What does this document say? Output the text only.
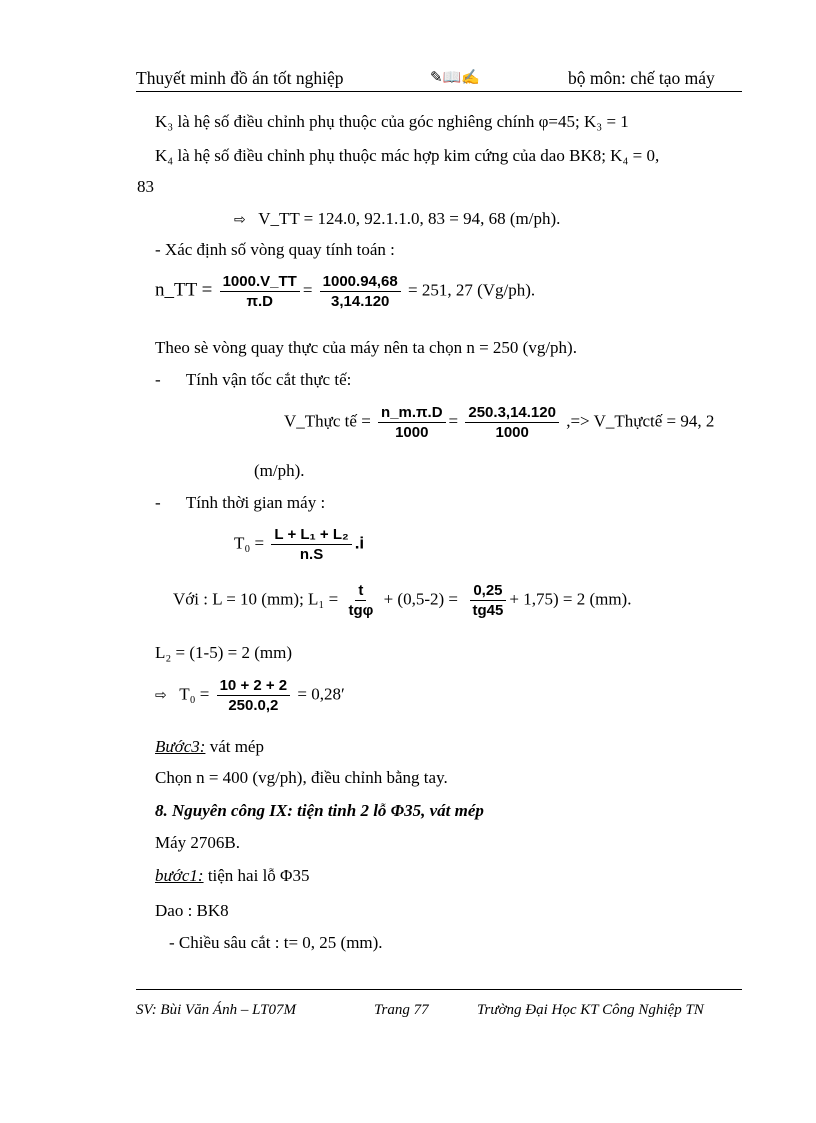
Thuyết minh đồ án tốt nghiệp	✎📖✍	bộ môn: chế tạo máy
K₃ là hệ số điều chỉnh phụ thuộc của góc nghiêng chính φ=45; K₃ = 1
K₄ là hệ số điều chỉnh phụ thuộc mác hợp kim cứng của dao BK8; K₄ = 0,
83
⇨ V_TT = 124.0, 92.1.1.0, 83 = 94, 68 (m/ph).
- Xác định số vòng quay tính toán :
n_TT = $\frac{1000.V\_TT}{\pi.D} = \frac{1000.94,68}{3,14.120} = 251$, 27 (Vg/ph).
Theo sè vòng quay thực của máy nên ta chọn n = 250 (vg/ph).
- Tính vận tốc cắt thực tế:
V_Thực tế = $\frac{n\_m.\pi.D}{1000} = \frac{250.3,14.120}{1000}$ ,=> V_Thựctế = 94, 2
(m/ph).
- Tính thời gian máy :
$T_0 = \frac{\text{L + L₁ + L₂}}{n.S} .i$
Với : L = 10 (mm); $L_1 = \frac{t}{\text{tgφ}} + (0,5-2) = \frac{0,25}{tg45} + 1,75) = 2$ (mm).
L₂ = (1-5) = 2 (mm)
⇨ $T_0 = \frac{10 + 2 + 2}{250.0,2} = 0,28'$
Bước3: vát mép
Chọn n = 400 (vg/ph), điều chỉnh bằng tay.
8. Nguyên công IX: tiện tinh 2 lỗ Φ35, vát mép
Máy 2706B.
bước1: tiện hai lỗ Φ35
Dao : BK8
- Chiều sâu cắt : t= 0, 25 (mm).
SV: Bùi Văn Ánh – LT07M	Trang 77	Trường Đại Học KT Công Nghiệp TN
